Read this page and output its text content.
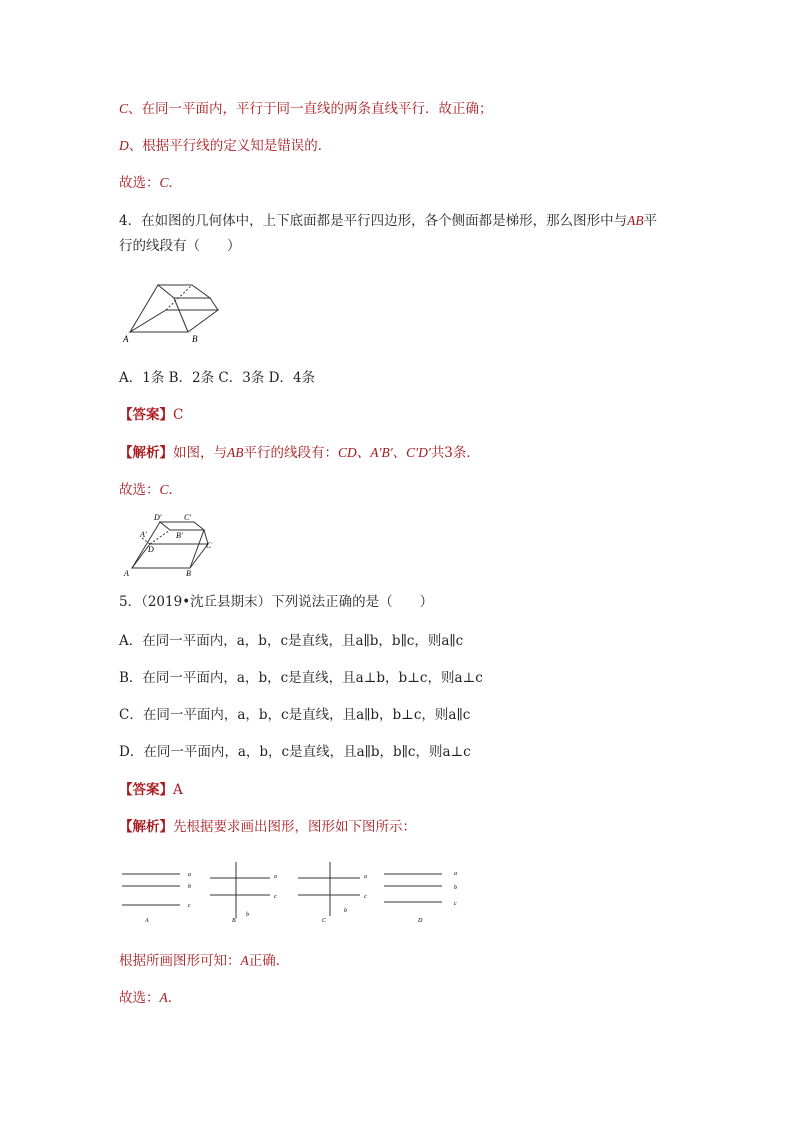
C、在同一平面内，平行于同一直线的两条直线平行．故正确；
D、根据平行线的定义知是错误的．
故选：C．
4．在如图的几何体中，上下底面都是平行四边形，各个侧面都是梯形，那么图形中与AB平
行的线段有（　　）
A	B
A．1条 B．2条 C．3条 D．4条
【答案】C
【解析】如图，与AB平行的线段有：CD、A′B′、C′D′共3条．
故选：C．
D′	C′
A′	B′
D	C
A	B
5．（2019•沈丘县期末）下列说法正确的是（　　）
A．在同一平面内，a，b，c是直线，且a∥b，b∥c，则a∥c
B．在同一平面内，a，b，c是直线，且a⊥b，b⊥c，则a⊥c
C．在同一平面内，a，b，c是直线，且a∥b，b⊥c，则a∥c
D．在同一平面内，a，b，c是直线，且a∥b，b∥c，则a⊥c
【答案】A
【解析】先根据要求画出图形，图形如下图所示：
a
b
c
a
c
b
a
c
b
a
b
c
A	B	C	D
根据所画图形可知：A正确．
故选：A．
